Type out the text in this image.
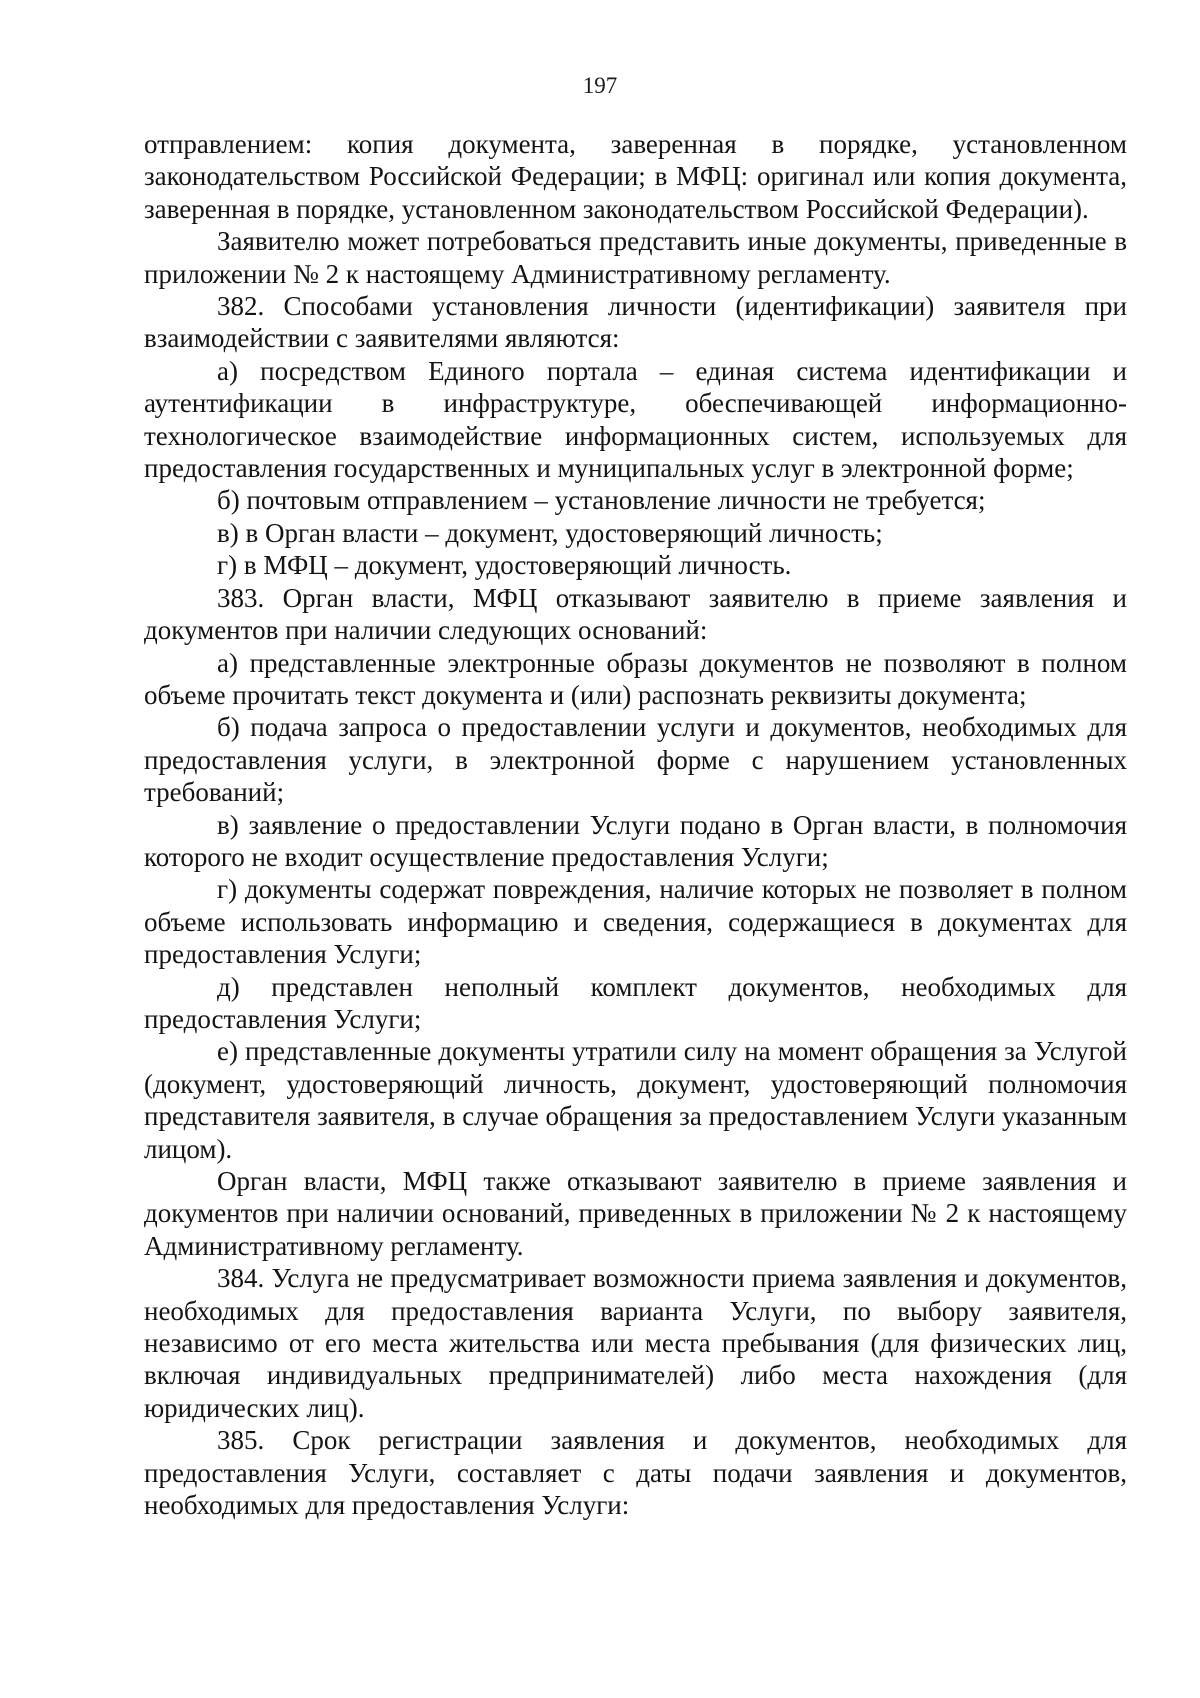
197

отправлением: копия документа, заверенная в порядке, установленном законодательством Российской Федерации; в МФЦ: оригинал или копия документа, заверенная в порядке, установленном законодательством Российской Федерации).

Заявителю может потребоваться представить иные документы, приведенные в приложении № 2 к настоящему Административному регламенту.

382. Способами установления личности (идентификации) заявителя при взаимодействии с заявителями являются:

а) посредством Единого портала – единая система идентификации и аутентификации в инфраструктуре, обеспечивающей информационно-технологическое взаимодействие информационных систем, используемых для предоставления государственных и муниципальных услуг в электронной форме;

б) почтовым отправлением – установление личности не требуется;

в) в Орган власти – документ, удостоверяющий личность;

г) в МФЦ – документ, удостоверяющий личность.

383. Орган власти, МФЦ отказывают заявителю в приеме заявления и документов при наличии следующих оснований:

а) представленные электронные образы документов не позволяют в полном объеме прочитать текст документа и (или) распознать реквизиты документа;

б) подача запроса о предоставлении услуги и документов, необходимых для предоставления услуги, в электронной форме с нарушением установленных требований;

в) заявление о предоставлении Услуги подано в Орган власти, в полномочия которого не входит осуществление предоставления Услуги;

г) документы содержат повреждения, наличие которых не позволяет в полном объеме использовать информацию и сведения, содержащиеся в документах для предоставления Услуги;

д) представлен неполный комплект документов, необходимых для предоставления Услуги;

е) представленные документы утратили силу на момент обращения за Услугой (документ, удостоверяющий личность, документ, удостоверяющий полномочия представителя заявителя, в случае обращения за предоставлением Услуги указанным лицом).

Орган власти, МФЦ также отказывают заявителю в приеме заявления и документов при наличии оснований, приведенных в приложении № 2 к настоящему Административному регламенту.

384. Услуга не предусматривает возможности приема заявления и документов, необходимых для предоставления варианта Услуги, по выбору заявителя, независимо от его места жительства или места пребывания (для физических лиц, включая индивидуальных предпринимателей) либо места нахождения (для юридических лиц).

385. Срок регистрации заявления и документов, необходимых для предоставления Услуги, составляет с даты подачи заявления и документов, необходимых для предоставления Услуги:
